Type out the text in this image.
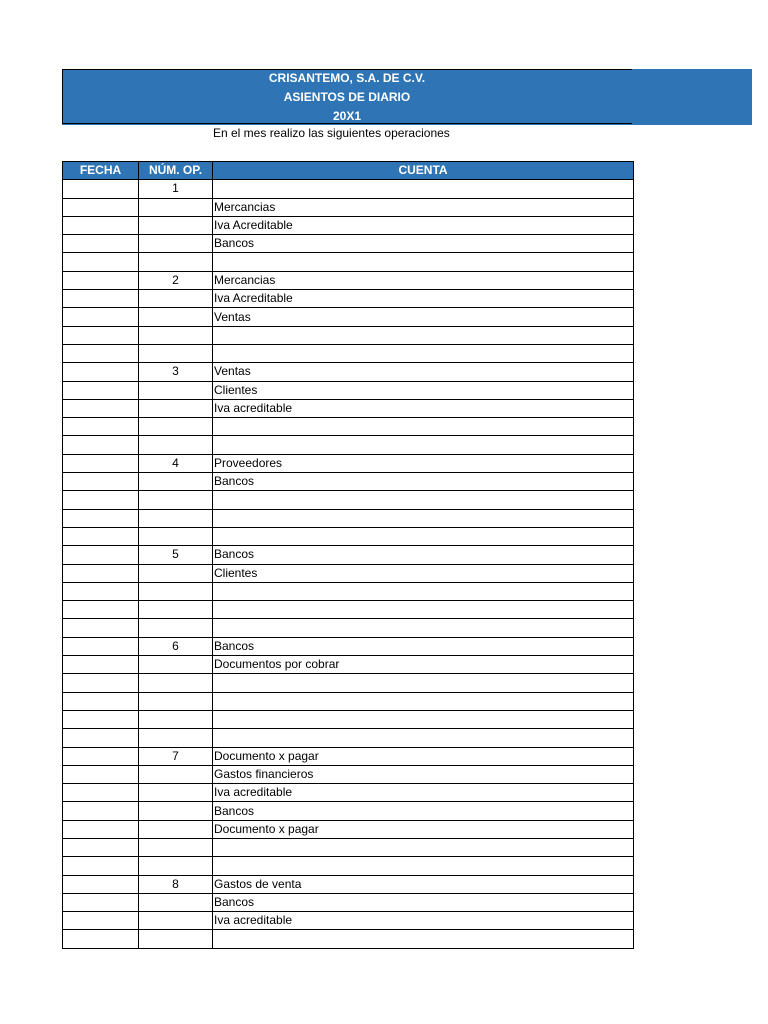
CRISANTEMO, S.A. DE C.V.
ASIENTOS DE DIARIO
20X1
En el mes realizo las siguientes operaciones
FECHA	NÚM. OP.	CUENTA
	1	
		Mercancias
		Iva Acreditable
		Bancos

	2	Mercancias
		Iva Acreditable
		Ventas

	3	Ventas
		Clientes
		Iva acreditable

	4	Proveedores
		Bancos

	5	Bancos
		Clientes

	6	Bancos
		Documentos por cobrar

	7	Documento x pagar
		Gastos financieros
		Iva acreditable
		Bancos
		Documento x pagar

	8	Gastos de venta
		Bancos
		Iva acreditable
